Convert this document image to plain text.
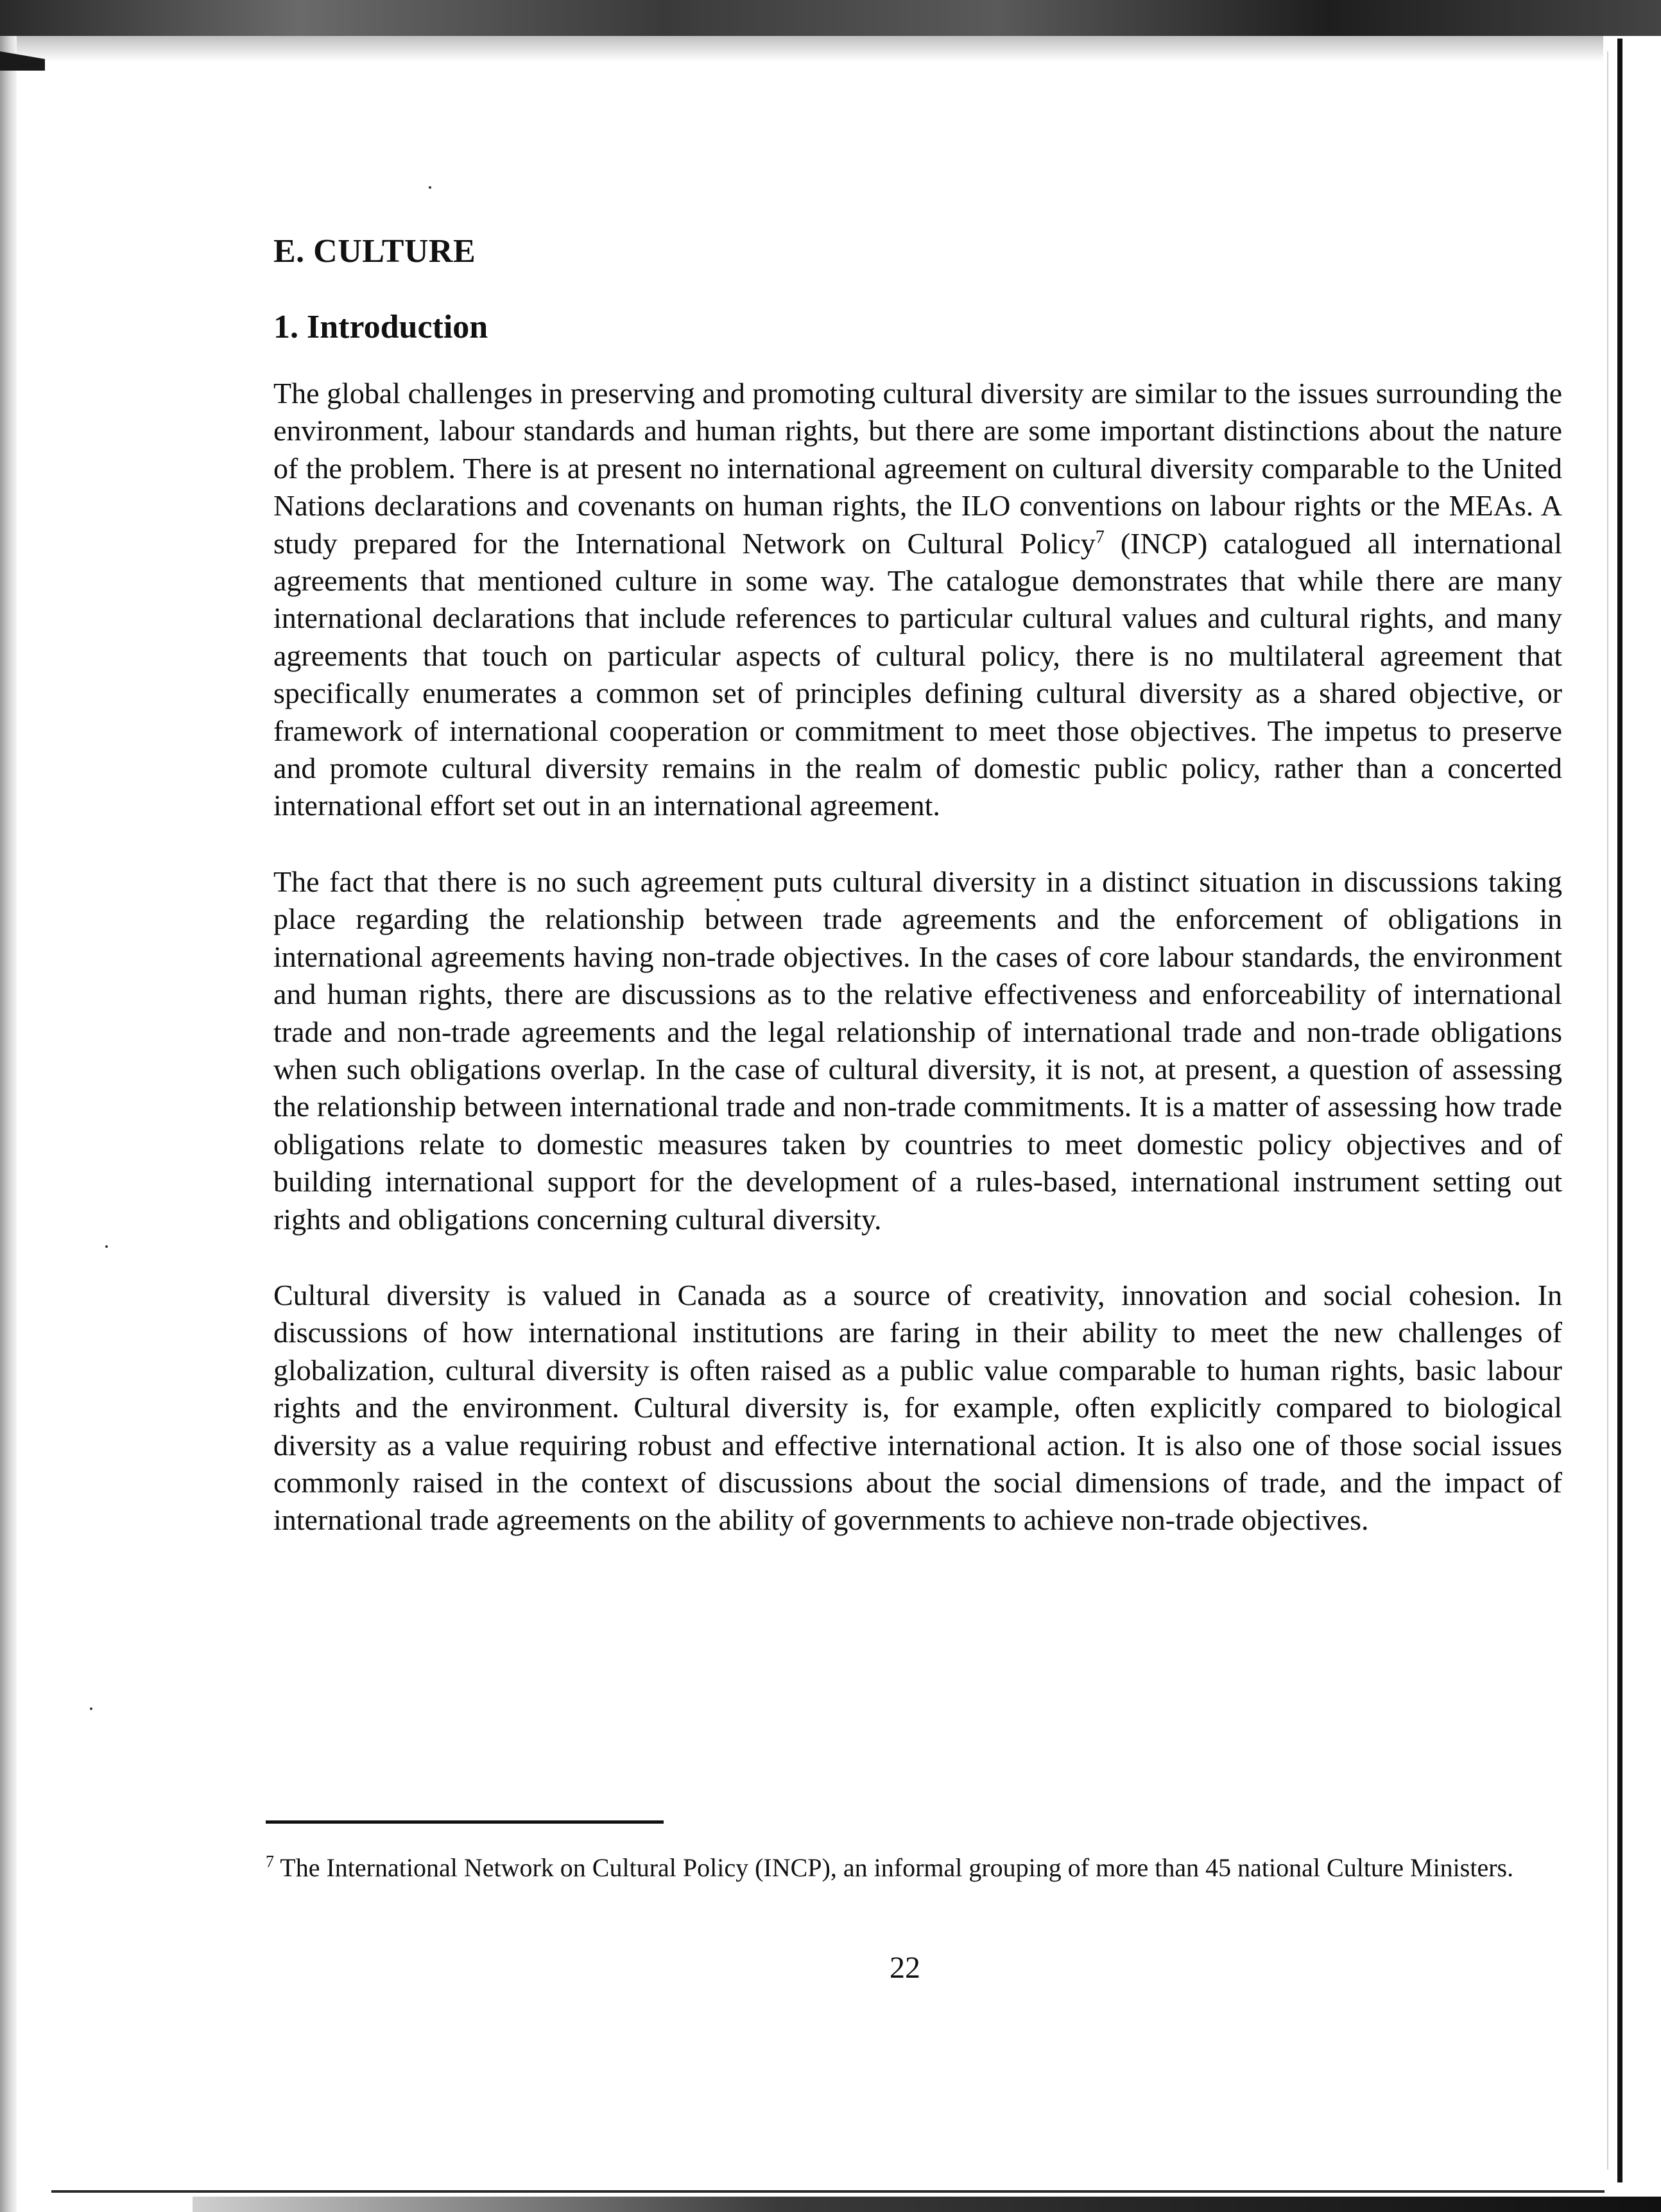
E. CULTURE
1. Introduction

The global challenges in preserving and promoting cultural diversity are similar to the issues surrounding the environment, labour standards and human rights, but there are some important distinctions about the nature of the problem. There is at present no international agreement on cultural diversity comparable to the United Nations declarations and covenants on human rights, the ILO conventions on labour rights or the MEAs. A study prepared for the International Network on Cultural Policy$^7$ (INCP) catalogued all international agreements that mentioned culture in some way. The catalogue demonstrates that while there are many international declarations that include references to particular cultural values and cultural rights, and many agreements that touch on particular aspects of cultural policy, there is no multilateral agreement that specifically enumerates a common set of principles defining cultural diversity as a shared objective, or framework of international cooperation or commitment to meet those objectives. The impetus to preserve and promote cultural diversity remains in the realm of domestic public policy, rather than a concerted international effort set out in an international agreement.

The fact that there is no such agreement puts cultural diversity in a distinct situation in discussions taking place regarding the relationship between trade agreements and the enforcement of obligations in international agreements having non-trade objectives. In the cases of core labour standards, the environment and human rights, there are discussions as to the relative effectiveness and enforceability of international trade and non-trade agreements and the legal relationship of international trade and non-trade obligations when such obligations overlap. In the case of cultural diversity, it is not, at present, a question of assessing the relationship between international trade and non-trade commitments. It is a matter of assessing how trade obligations relate to domestic measures taken by countries to meet domestic policy objectives and of building international support for the development of a rules-based, international instrument setting out rights and obligations concerning cultural diversity.

Cultural diversity is valued in Canada as a source of creativity, innovation and social cohesion. In discussions of how international institutions are faring in their ability to meet the new challenges of globalization, cultural diversity is often raised as a public value comparable to human rights, basic labour rights and the environment. Cultural diversity is, for example, often explicitly compared to biological diversity as a value requiring robust and effective international action. It is also one of those social issues commonly raised in the context of discussions about the social dimensions of trade, and the impact of international trade agreements on the ability of governments to achieve non-trade objectives.

$^7$ The International Network on Cultural Policy (INCP), an informal grouping of more than 45 national Culture Ministers.
22
